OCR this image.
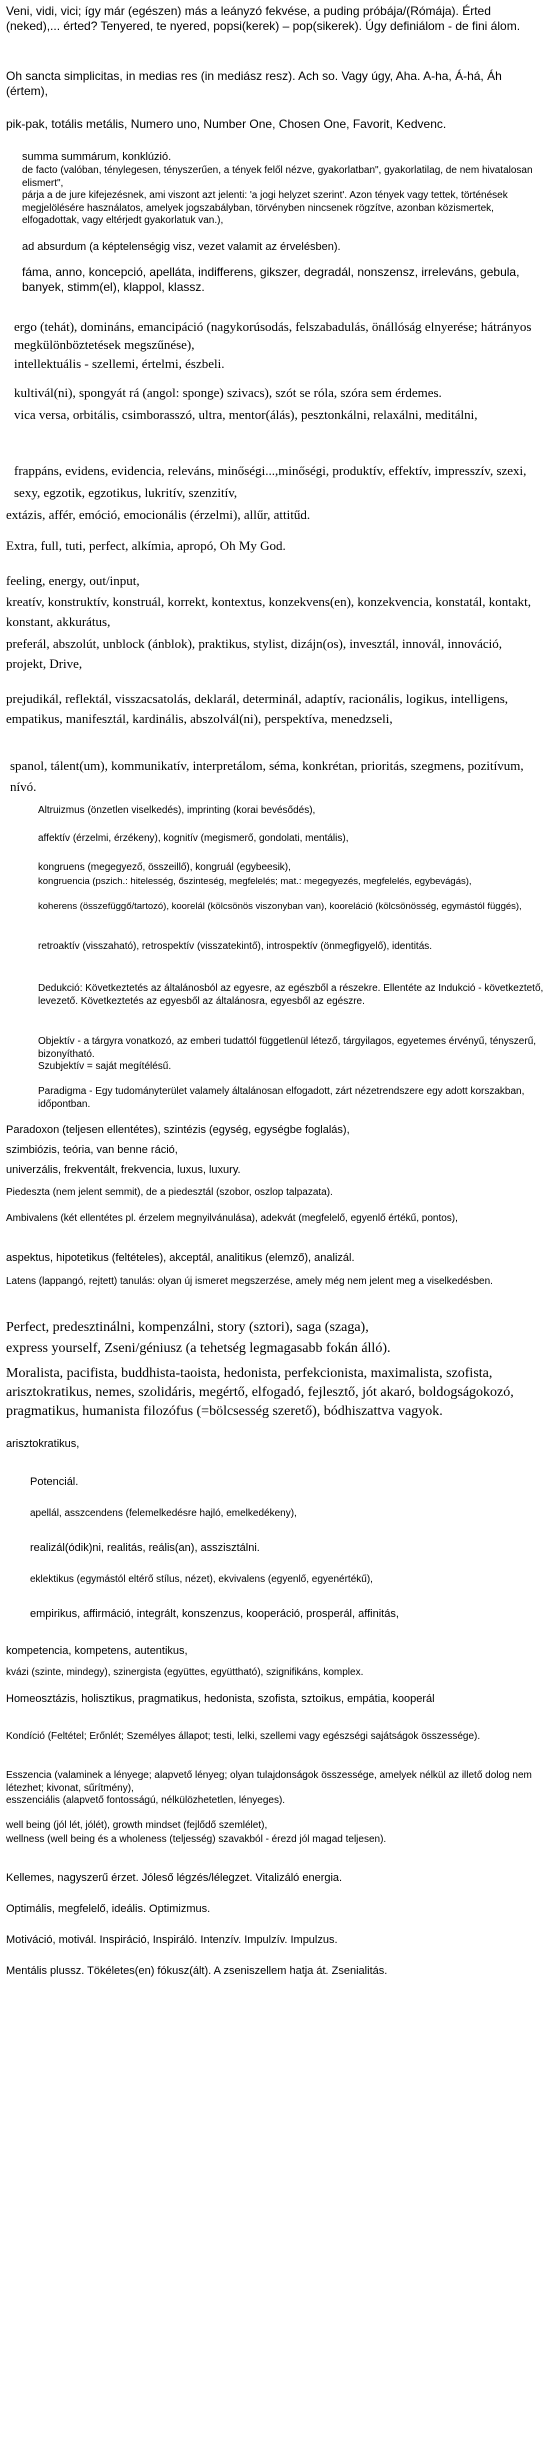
Veni, vidi, vici; így már (egészen) más a leányzó fekvése, a puding próbája/(Rómája). Érted (neked),... érted? Tenyered, te nyered, popsi(kerek) – pop(sikerek). Úgy definiálom - de fini álom.
Oh sancta simplicitas, in medias res (in mediász resz). Ach so. Vagy úgy, Aha. A-ha, Á-há, Áh (értem),
pik-pak, totális metális, Numero uno, Number One, Chosen One, Favorit, Kedvenc.
summa summárum, konklúzió.
de facto (valóban, ténylegesen, tényszerűen, a tények felől nézve, gyakorlatban", gyakorlatilag, de nem hivatalosan elismert",
párja a de jure kifejezésnek, ami viszont azt jelenti: 'a jogi helyzet szerint'. Azon tények vagy tettek, történések megjelölésére használatos, amelyek jogszabályban, törvényben nincsenek rögzítve, azonban közismertek, elfogadottak, vagy eltérjedt gyakorlatuk van.),
ad absurdum (a képtelenségig visz, vezet valamit az érvelésben).
fáma, anno, koncepció, apelláta, indifferens, gikszer, degradál, nonszensz, irreleváns, gebula, banyek, stimm(el), klappol, klassz.
ergo (tehát), domináns, emancipáció (nagykorúsodás, felszabadulás, önállóság elnyerése; hátrányos megkülönböztetések megszűnése),
intellektuális - szellemi, értelmi, észbeli.
kultivál(ni), spongyát rá (angol: sponge) szivacs), szót se róla, szóra sem érdemes.
vica versa, orbitális, csimborasszó, ultra, mentor(álás), pesztonkálni, relaxálni, meditálni,
frappáns, evidens, evidencia, releváns, minőségi...,minőségi, produktív, effektív, impresszív, szexi, sexy, egzotik, egzotikus, lukritív, szenzitív,
extázis, affér, emóció, emocionális (érzelmi), allűr, attitűd.
Extra, full, tuti, perfect, alkímia, apropó, Oh My God.
feeling, energy, out/input,
kreatív, konstruktív, konstruál, korrekt, kontextus, konzekvens(en), konzekvencia, konstatál, kontakt, konstant, akkurátus,
preferál, abszolút, unblock (ánblok), praktikus, stylist, dizájn(os), invesztál, innovál, innováció, projekt, Drive,
prejudikál, reflektál, visszacsatolás, deklarál, determinál, adaptív, racionális, logikus, intelligens, empatikus, manifesztál, kardinális, abszolvál(ni), perspektíva, menedzseli,
spanol, tálent(um), kommunikatív, interpretálom, séma, konkrétan, prioritás, szegmens, pozitívum, nívó.
Altruizmus (önzetlen viselkedés), imprinting (korai bevésődés),
affektív (érzelmi, érzékeny), kognitív (megismerő, gondolati, mentális),
kongruens (megegyező, összeillő), kongruál (egybeesik),
kongruencia (pszich.: hitelesség, őszinteség, megfelelés; mat.: megegyezés, megfelelés, egybevágás),
koherens (összefüggő/tartozó), koorelál (kölcsönös viszonyban van), kooreláció (kölcsönösség, egymástól függés),
retroaktív (visszaható), retrospektív (visszatekintő), introspektív (önmegfigyelő), identitás.
Dedukció: Következtetés az általánosból az egyesre, az egészből a részekre. Ellentéte az Indukció - következtető, levezető. Következtetés az egyesből az általánosra, egyesből az egészre.
Objektív - a tárgyra vonatkozó, az emberi tudattól függetlenül létező, tárgyilagos, egyetemes érvényű, tényszerű, bizonyítható.
Szubjektív = saját megítélésű.
Paradigma - Egy tudományterület valamely általánosan elfogadott, zárt nézetrendszere egy adott korszakban, időpontban.
Paradoxon (teljesen ellentétes), szintézis (egység, egységbe foglalás),
szimbiózis, teória, van benne ráció,
univerzális, frekventált, frekvencia, luxus, luxury.
Piedeszta (nem jelent semmit), de a piedesztál (szobor, oszlop talpazata).
Ambivalens (két ellentétes pl. érzelem megnyilvánulása), adekvát (megfelelő, egyenlő értékű, pontos),
aspektus, hipotetikus (feltételes), akceptál, analitikus (elemző), analizál.
Latens (lappangó, rejtett) tanulás: olyan új ismeret megszerzése, amely még nem jelent meg a viselkedésben.
Perfect, predesztinálni, kompenzálni, story (sztori), saga (szaga),
express yourself, Zseni/géniusz (a tehetség legmagasabb fokán álló).
Moralista, pacifista, buddhista-taoista, hedonista, perfekcionista, maximalista, szofista, arisztokratikus, nemes, szolidáris, megértő, elfogadó, fejlesztő, jót akaró, boldogságokozó, pragmatikus, humanista filozófus (=bölcsesség szerető), bódhiszattva vagyok.
arisztokratikus,
Potenciál.
apellál, asszcendens (felemelkedésre hajló, emelkedékeny),
realizál(ódik)ni, realitás, reális(an), asszisztálni.
eklektikus (egymástól eltérő stílus, nézet), ekvivalens (egyenlő, egyenértékű),
empirikus, affirmáció, integrált, konszenzus, kooperáció, prosperál, affinitás,
kompetencia, kompetens, autentikus,
kvázi (szinte, mindegy), szinergista (együttes, együttható), szignifikáns, komplex.
Homeosztázis, holisztikus, pragmatikus, hedonista, szofista, sztoikus, empátia, kooperál
Kondíció (Feltétel; Erőnlét; Személyes állapot; testi, lelki, szellemi vagy egészségi sajátságok összessége).
Esszencia (valaminek a lényege; alapvető lényeg; olyan tulajdonságok összessége, amelyek nélkül az illető dolog nem létezhet; kivonat, sűrítmény),
esszenciális (alapvető fontosságú, nélkülözhetetlen, lényeges).
well being (jól lét, jólét), growth mindset (fejlődő szemlélet),
wellness (well being és a wholeness (teljesség) szavakból - érezd jól magad teljesen).
Kellemes, nagyszerű érzet. Jóleső légzés/lélegzet. Vitalizáló energia.
Optimális, megfelelő, ideális. Optimizmus.
Motiváció, motivál. Inspiráció, Inspiráló. Intenzív. Impulzív. Impulzus.
Mentális plussz. Tökéletes(en) fókusz(ált). A zseniszellem hatja át. Zsenialitás.
